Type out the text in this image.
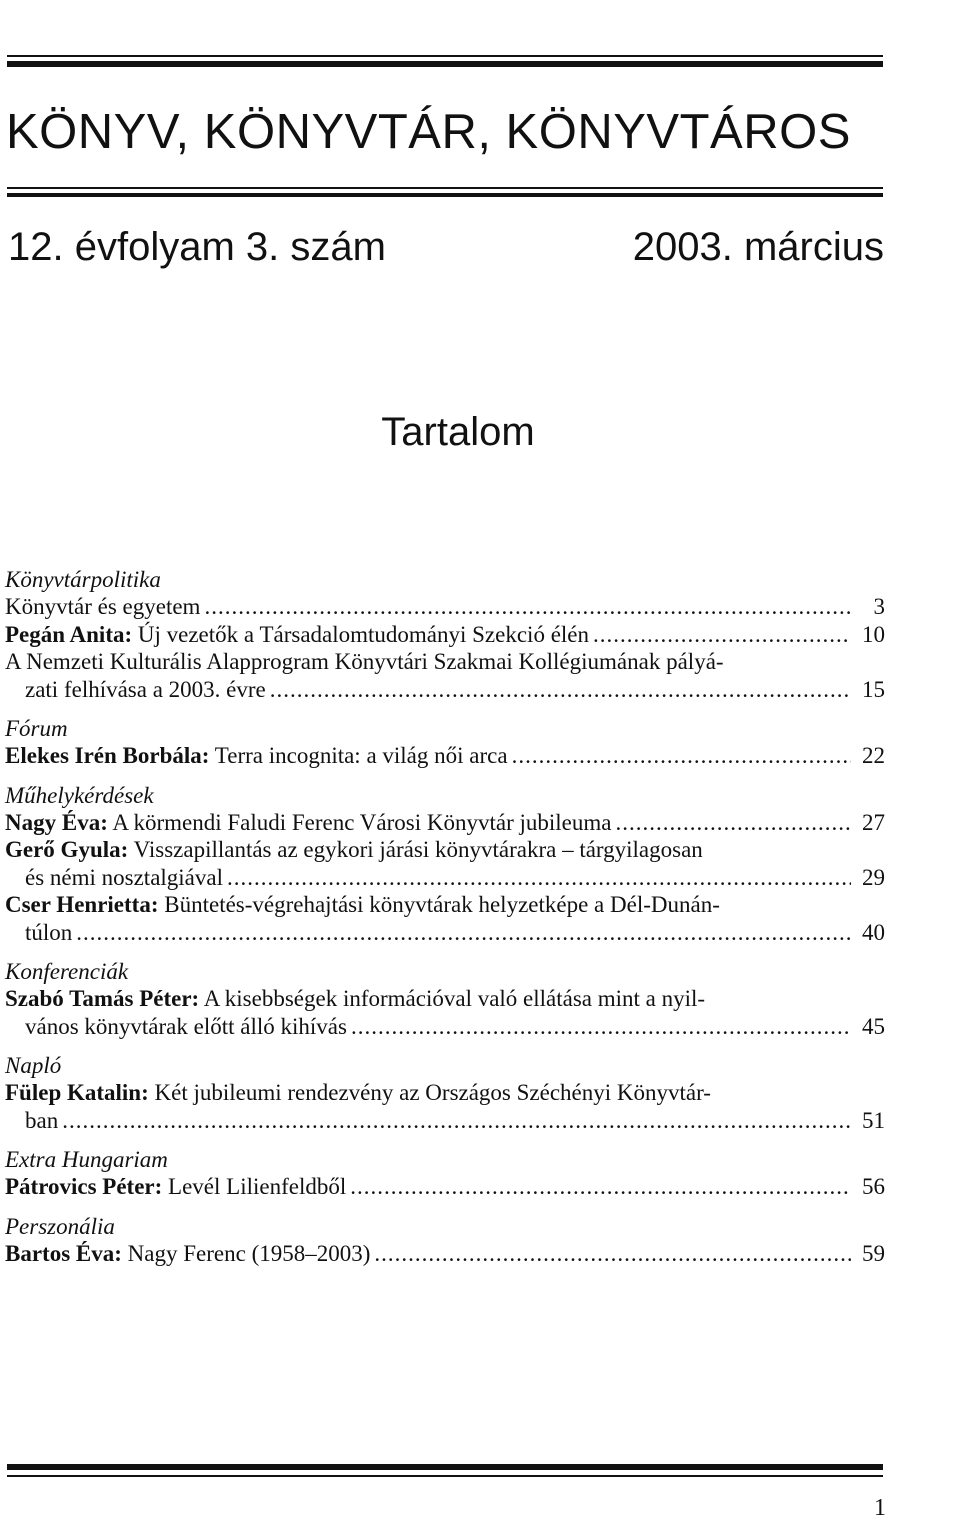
KÖNYV, KÖNYVTÁR, KÖNYVTÁROS
12. évfolyam 3. szám	2003. március
Tartalom
Könyvtárpolitika
Könyvtár és egyetem .....	3
Pegán Anita: Új vezetők a Társadalomtudományi Szekció élén .....	10
A Nemzeti Kulturális Alapprogram Könyvtári Szakmai Kollégiumának pályá-
zati felhívása a 2003. évre .....	15
Fórum
Elekes Irén Borbála: Terra incognita: a világ női arca .....	22
Műhelykérdések
Nagy Éva: A körmendi Faludi Ferenc Városi Könyvtár jubileuma .....	27
Gerő Gyula: Visszapillantás az egykori járási könyvtárakra – tárgyilagosan
és némi nosztalgiával .....	29
Cser Henrietta: Büntetés-végrehajtási könyvtárak helyzetképe a Dél-Dunán-
túlon .....	40
Konferenciák
Szabó Tamás Péter: A kisebbségek információval való ellátása mint a nyil-
vános könyvtárak előtt álló kihívás .....	45
Napló
Fülep Katalin: Két jubileumi rendezvény az Országos Széchényi Könyvtár-
ban .....	51
Extra Hungariam
Pátrovics Péter: Levél Lilienfeldből .....	56
Perszonália
Bartos Éva: Nagy Ferenc (1958–2003) .....	59
1
